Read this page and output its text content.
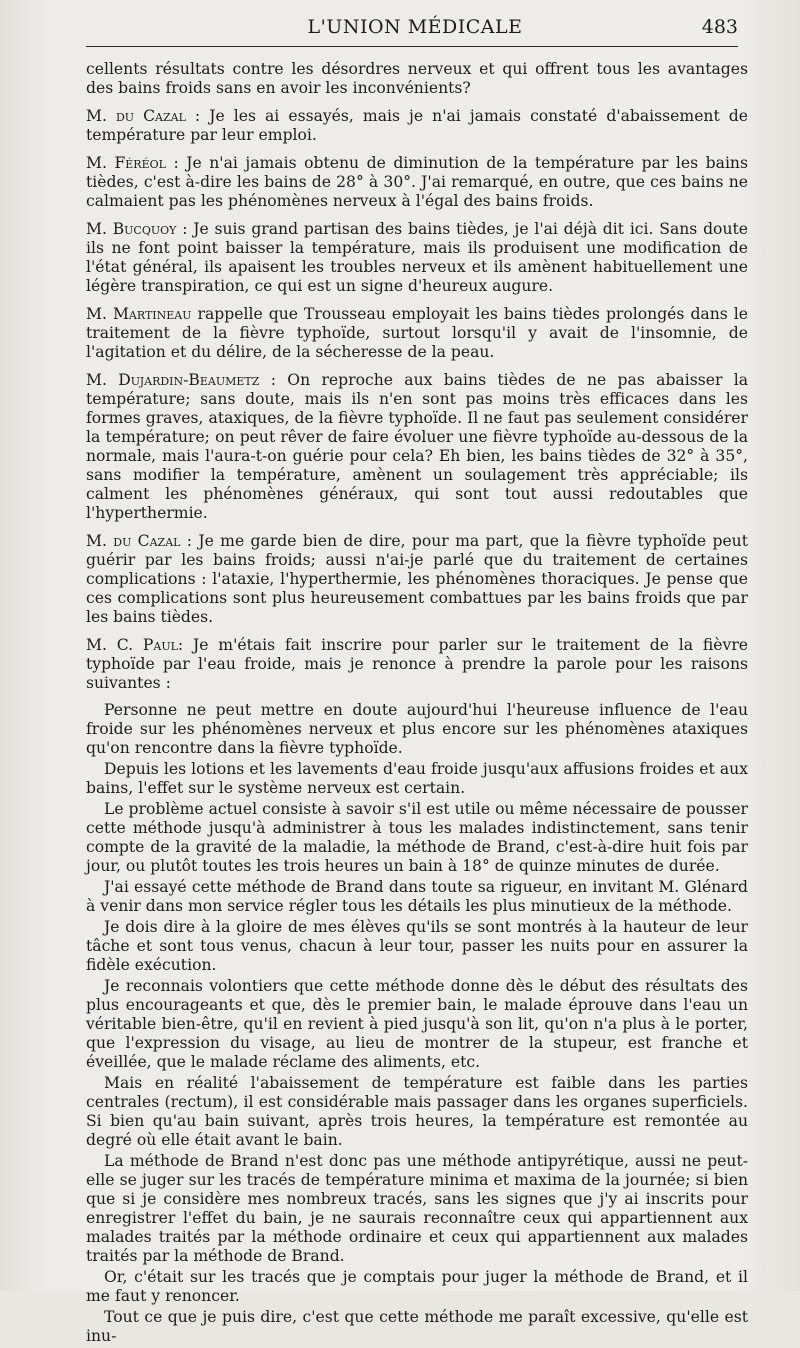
L'UNION MÉDICALE	483

cellents résultats contre les désordres nerveux et qui offrent tous les avantages des bains froids sans en avoir les inconvénients?

M. du Cazal : Je les ai essayés, mais je n'ai jamais constaté d'abaissement de température par leur emploi.

M. Féréol : Je n'ai jamais obtenu de diminution de la température par les bains tièdes, c'est à-dire les bains de 28° à 30°. J'ai remarqué, en outre, que ces bains ne calmaient pas les phénomènes nerveux à l'égal des bains froids.

M. Bucquoy : Je suis grand partisan des bains tièdes, je l'ai déjà dit ici. Sans doute ils ne font point baisser la température, mais ils produisent une modification de l'état général, ils apaisent les troubles nerveux et ils amènent habituellement une légère transpiration, ce qui est un signe d'heureux augure.

M. Martineau rappelle que Trousseau employait les bains tièdes prolongés dans le traitement de la fièvre typhoïde, surtout lorsqu'il y avait de l'insomnie, de l'agitation et du délire, de la sécheresse de la peau.

M. Dujardin-Beaumetz : On reproche aux bains tièdes de ne pas abaisser la température; sans doute, mais ils n'en sont pas moins très efficaces dans les formes graves, ataxiques, de la fièvre typhoïde. Il ne faut pas seulement considérer la température; on peut rêver de faire évoluer une fièvre typhoïde au-dessous de la normale, mais l'aura-t-on guérie pour cela? Eh bien, les bains tièdes de 32° à 35°, sans modifier la température, amènent un soulagement très appréciable; ils calment les phénomènes généraux, qui sont tout aussi redoutables que l'hyperthermie.

M. du Cazal : Je me garde bien de dire, pour ma part, que la fièvre typhoïde peut guérir par les bains froids; aussi n'ai-je parlé que du traitement de certaines complications : l'ataxie, l'hyperthermie, les phénomènes thoraciques. Je pense que ces complications sont plus heureusement combattues par les bains froids que par les bains tièdes.

M. C. Paul: Je m'étais fait inscrire pour parler sur le traitement de la fièvre typhoïde par l'eau froide, mais je renonce à prendre la parole pour les raisons suivantes :

Personne ne peut mettre en doute aujourd'hui l'heureuse influence de l'eau froide sur les phénomènes nerveux et plus encore sur les phénomènes ataxiques qu'on rencontre dans la fièvre typhoïde.

Depuis les lotions et les lavements d'eau froide jusqu'aux affusions froides et aux bains, l'effet sur le système nerveux est certain.

Le problème actuel consiste à savoir s'il est utile ou même nécessaire de pousser cette méthode jusqu'à administrer à tous les malades indistinctement, sans tenir compte de la gravité de la maladie, la méthode de Brand, c'est-à-dire huit fois par jour, ou plutôt toutes les trois heures un bain à 18° de quinze minutes de durée.

J'ai essayé cette méthode de Brand dans toute sa rigueur, en invitant M. Glénard à venir dans mon service régler tous les détails les plus minutieux de la méthode.

Je dois dire à la gloire de mes élèves qu'ils se sont montrés à la hauteur de leur tâche et sont tous venus, chacun à leur tour, passer les nuits pour en assurer la fidèle exécution.

Je reconnais volontiers que cette méthode donne dès le début des résultats des plus encourageants et que, dès le premier bain, le malade éprouve dans l'eau un véritable bien-être, qu'il en revient à pied jusqu'à son lit, qu'on n'a plus à le porter, que l'expression du visage, au lieu de montrer de la stupeur, est franche et éveillée, que le malade réclame des aliments, etc.

Mais en réalité l'abaissement de température est faible dans les parties centrales (rectum), il est considérable mais passager dans les organes superficiels. Si bien qu'au bain suivant, après trois heures, la température est remontée au degré où elle était avant le bain.

La méthode de Brand n'est donc pas une méthode antipyrétique, aussi ne peut-elle se juger sur les tracés de température minima et maxima de la journée; si bien que si je considère mes nombreux tracés, sans les signes que j'y ai inscrits pour enregistrer l'effet du bain, je ne saurais reconnaître ceux qui appartiennent aux malades traités par la méthode ordinaire et ceux qui appartiennent aux malades traités par la méthode de Brand.

Or, c'était sur les tracés que je comptais pour juger la méthode de Brand, et il me faut y renoncer.

Tout ce que je puis dire, c'est que cette méthode me paraît excessive, qu'elle est inu-
